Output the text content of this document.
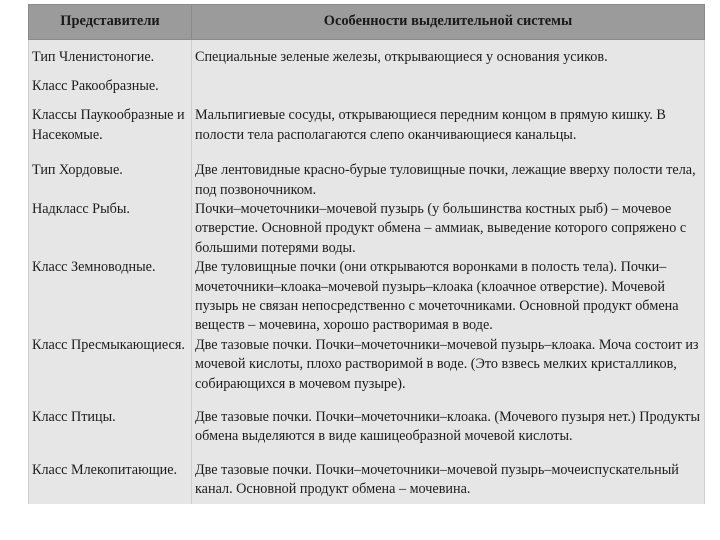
Представители	Особенности выделительной системы

Тип Членистоногие.	Специальные зеленые железы, открывающиеся у основания усиков.

Класс Ракообразные.	

Классы Паукообразные и Насекомые.	Мальпигиевые сосуды, открывающиеся передним концом в прямую кишку. В полости тела располагаются слепо оканчивающиеся канальцы.

Тип Хордовые.	Две лентовидные красно-бурые туловищные почки, лежащие вверху полости тела, под позвоночником.
Надкласс Рыбы.	Почки–мочеточники–мочевой пузырь (у большинства костных рыб) – мочевое отверстие. Основной продукт обмена – аммиак, выведение которого сопряжено с большими потерями воды.
Класс Земноводные.	Две туловищные почки (они открываются воронками в полость тела). Почки–мочеточники–клоака–мочевой пузырь–клоака (клоачное отверстие). Мочевой пузырь не связан непосредственно с мочеточниками. Основной продукт обмена веществ – мочевина, хорошо растворимая в воде.
Класс Пресмыкающиеся.	Две тазовые почки. Почки–мочеточники–мочевой пузырь–клоака. Моча состоит из мочевой кислоты, плохо растворимой в воде. (Это взвесь мелких кристалликов, собирающихся в мочевом пузыре).

Класс Птицы.	Две тазовые почки. Почки–мочеточники–клоака. (Мочевого пузыря нет.) Продукты обмена выделяются в виде кашицеобразной мочевой кислоты.

Класс Млекопитающие.	Две тазовые почки. Почки–мочеточники–мочевой пузырь–мочеиспускательный канал. Основной продукт обмена – мочевина.
